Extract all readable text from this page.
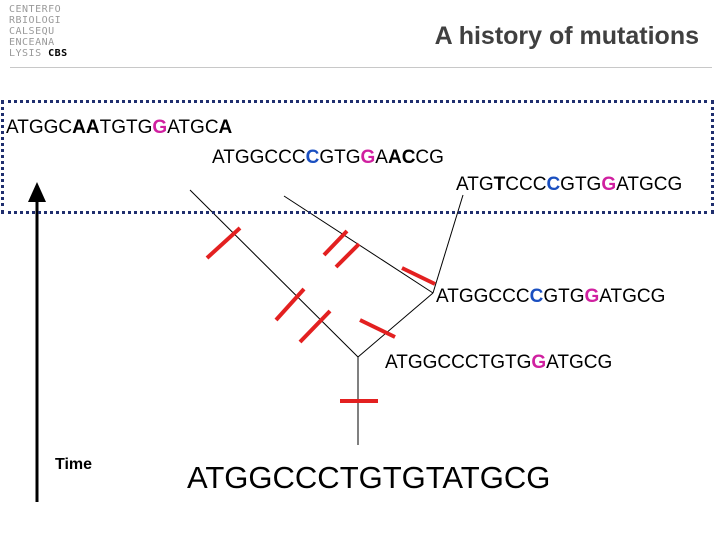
CENTERFO
RBIOLOGI
CALSEQU
ENCEANA
LYSIS CBS
A history of mutations
ATGGCAATGTGGATGCA
ATGGCCCCGTGGAACCG
ATGTCCCCGTGGATGCG
ATGGCCCCGTGGATGCG
ATGGCCCTGTGGATGCG
ATGGCCCTGTGTATGCG
Time
